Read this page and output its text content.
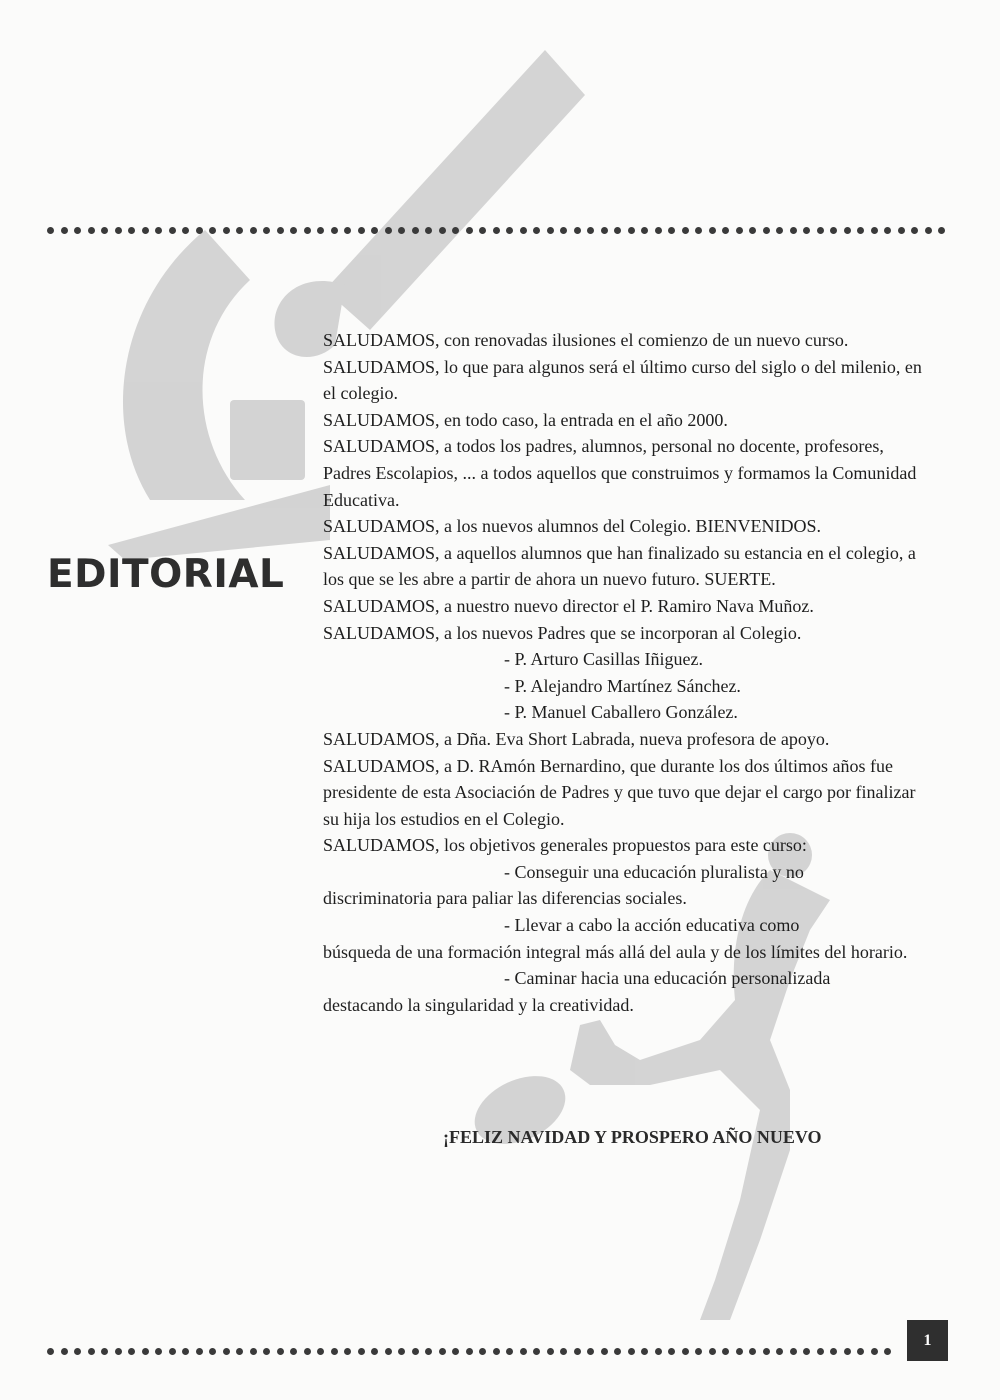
EDITORIAL

SALUDAMOS, con renovadas ilusiones el comienzo de un nuevo curso.

SALUDAMOS, lo que para algunos será el último curso del siglo o del milenio, en el colegio.

SALUDAMOS, en todo caso, la entrada en el año 2000.

SALUDAMOS, a todos los padres, alumnos, personal no docente, profesores, Padres Escolapios, ... a todos aquellos que construimos y formamos la Comunidad Educativa.

SALUDAMOS, a los nuevos alumnos del Colegio. BIENVENIDOS.

SALUDAMOS, a aquellos alumnos que han finalizado su estancia en el colegio, a los que se les abre a partir de ahora un nuevo futuro. SUERTE.

SALUDAMOS, a nuestro nuevo director el P. Ramiro Nava Muñoz.

SALUDAMOS, a los nuevos Padres que se incorporan al Colegio.

- P. Arturo Casillas Iñiguez.

- P. Alejandro Martínez Sánchez.

- P. Manuel Caballero González.

SALUDAMOS, a Dña. Eva Short Labrada, nueva profesora de apoyo.

SALUDAMOS, a D. RAmón Bernardino, que durante los dos últimos años fue presidente de esta Asociación de Padres y que tuvo que dejar el cargo por finalizar su hija los estudios en el Colegio.

SALUDAMOS, los objetivos generales propuestos para este curso:

- Conseguir una educación pluralista y no

discriminatoria para paliar las diferencias sociales.

- Llevar a cabo la acción educativa como

búsqueda de una formación integral más allá del aula y de los límites del horario.

- Caminar hacia una educación personalizada

destacando la singularidad y la creatividad.

¡FELIZ NAVIDAD Y PROSPERO AÑO NUEVO
1
